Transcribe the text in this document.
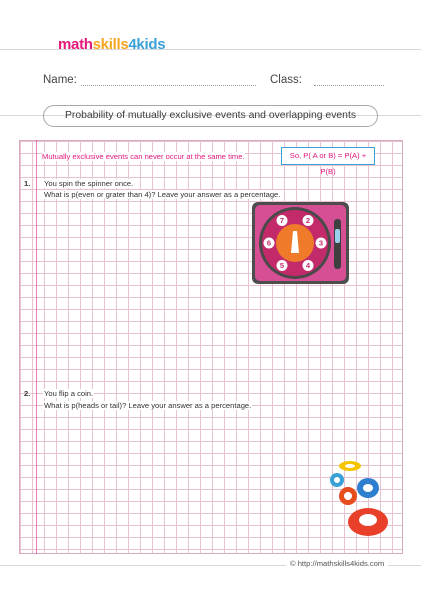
mathskills4kids
Name:	Class:
Probability of mutually exclusive events and overlapping events
Mutually exclusive events can never occur at the same time.	So, P( A or B) = P(A) + P(B)
1. You spin the spinner once.
What is p(even or grater than 4)? Leave your answer as a percentage.
2
3
4
5
6
7
2. You flip a coin.
What is p(heads or tail)? Leave your answer as a percentage.
© http://mathskills4kids.com
